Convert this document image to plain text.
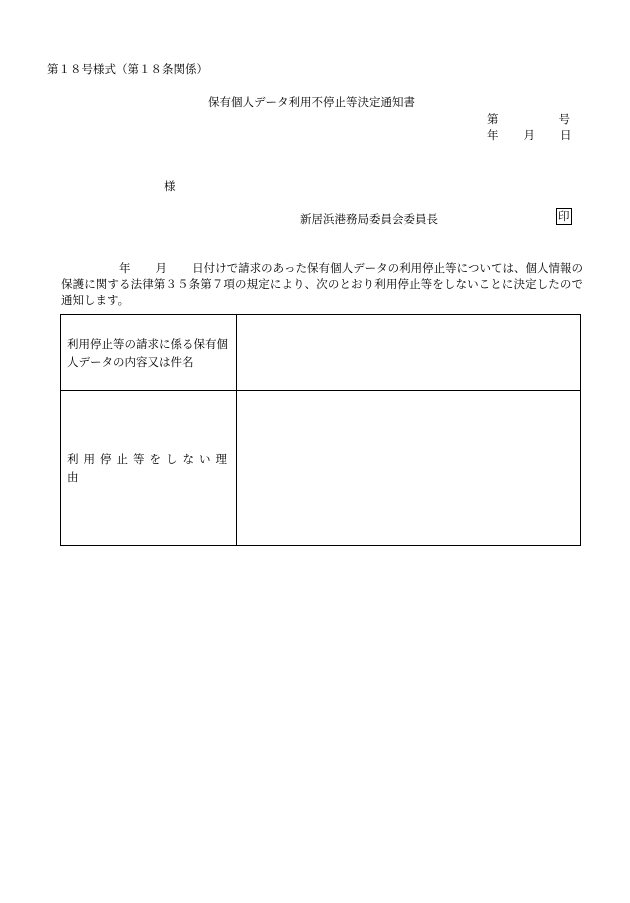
第１８号様式（第１８条関係）
保有個人データ利用不停止等決定通知書
第	号
年 月 日
様
新居浜港務局委員会委員長	印
年 月 日付けで請求のあった保有個人データの利用停止等については、個人情報の保護に関する法律第３５条第７項の規定により、次のとおり利用停止等をしないことに決定したので通知します。
利用停止等の請求に係る保有個人データの内容又は件名	
利用停止等をしない理由	
